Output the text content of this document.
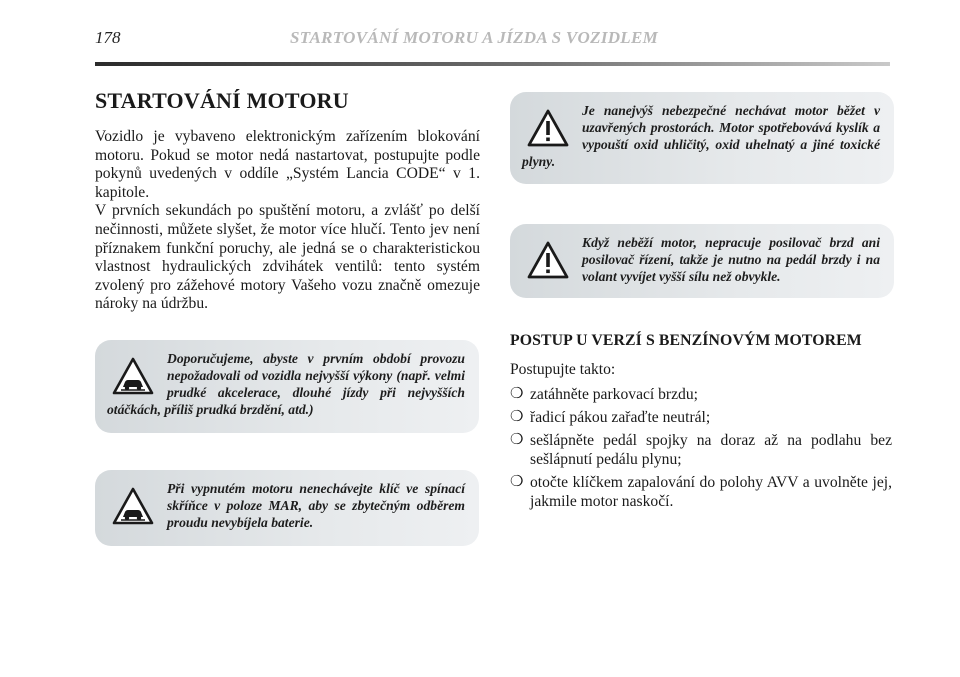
178	STARTOVÁNÍ MOTORU A JÍZDA S VOZIDLEM
STARTOVÁNÍ MOTORU

Vozidlo je vybaveno elektronickým zařízením blokování motoru. Pokud se motor nedá nastartovat, postupujte podle pokynů uvedených v oddíle „Systém Lancia CODE“ v 1. kapitole.

V prvních sekundách po spuštění motoru, a zvlášť po delší nečinnosti, můžete slyšet, že motor více hlučí. Tento jev není příznakem funkční poruchy, ale jedná se o charakteristickou vlastnost hydraulických zdvihátek ventilů: tento systém zvolený pro zážehové motory Vašeho vozu značně omezuje nároky na údržbu.

Doporučujeme, abyste v prvním období provozu nepožadovali od vozidla nejvyšší výkony (např. velmi prudké akcelerace, dlouhé jízdy při nejvyšších otáčkách, příliš prudká brzdění, atd.)

Při vypnutém motoru nenechávejte klíč ve spínací skříňce v poloze MAR, aby se zbytečným odběrem proudu nevybíjela baterie.

Je nanejvýš nebezpečné nechávat motor běžet v uzavřených prostorách. Motor spotřebovává kyslík a vypouští oxid uhličitý, oxid uhelnatý a jiné toxické plyny.

Když neběží motor, nepracuje posilovač brzd ani posilovač řízení, takže je nutno na pedál brzdy i na volant vyvíjet vyšší sílu než obvykle.

POSTUP U VERZÍ S BENZÍNOVÝM MOTOREM

Postupujte takto:

❍ zatáhněte parkovací brzdu;
❍ řadicí pákou zařaďte neutrál;
❍ sešlápněte pedál spojky na doraz až na podlahu bez sešlápnutí pedálu plynu;
❍ otočte klíčkem zapalování do polohy AVV a uvolněte jej, jakmile motor naskočí.
